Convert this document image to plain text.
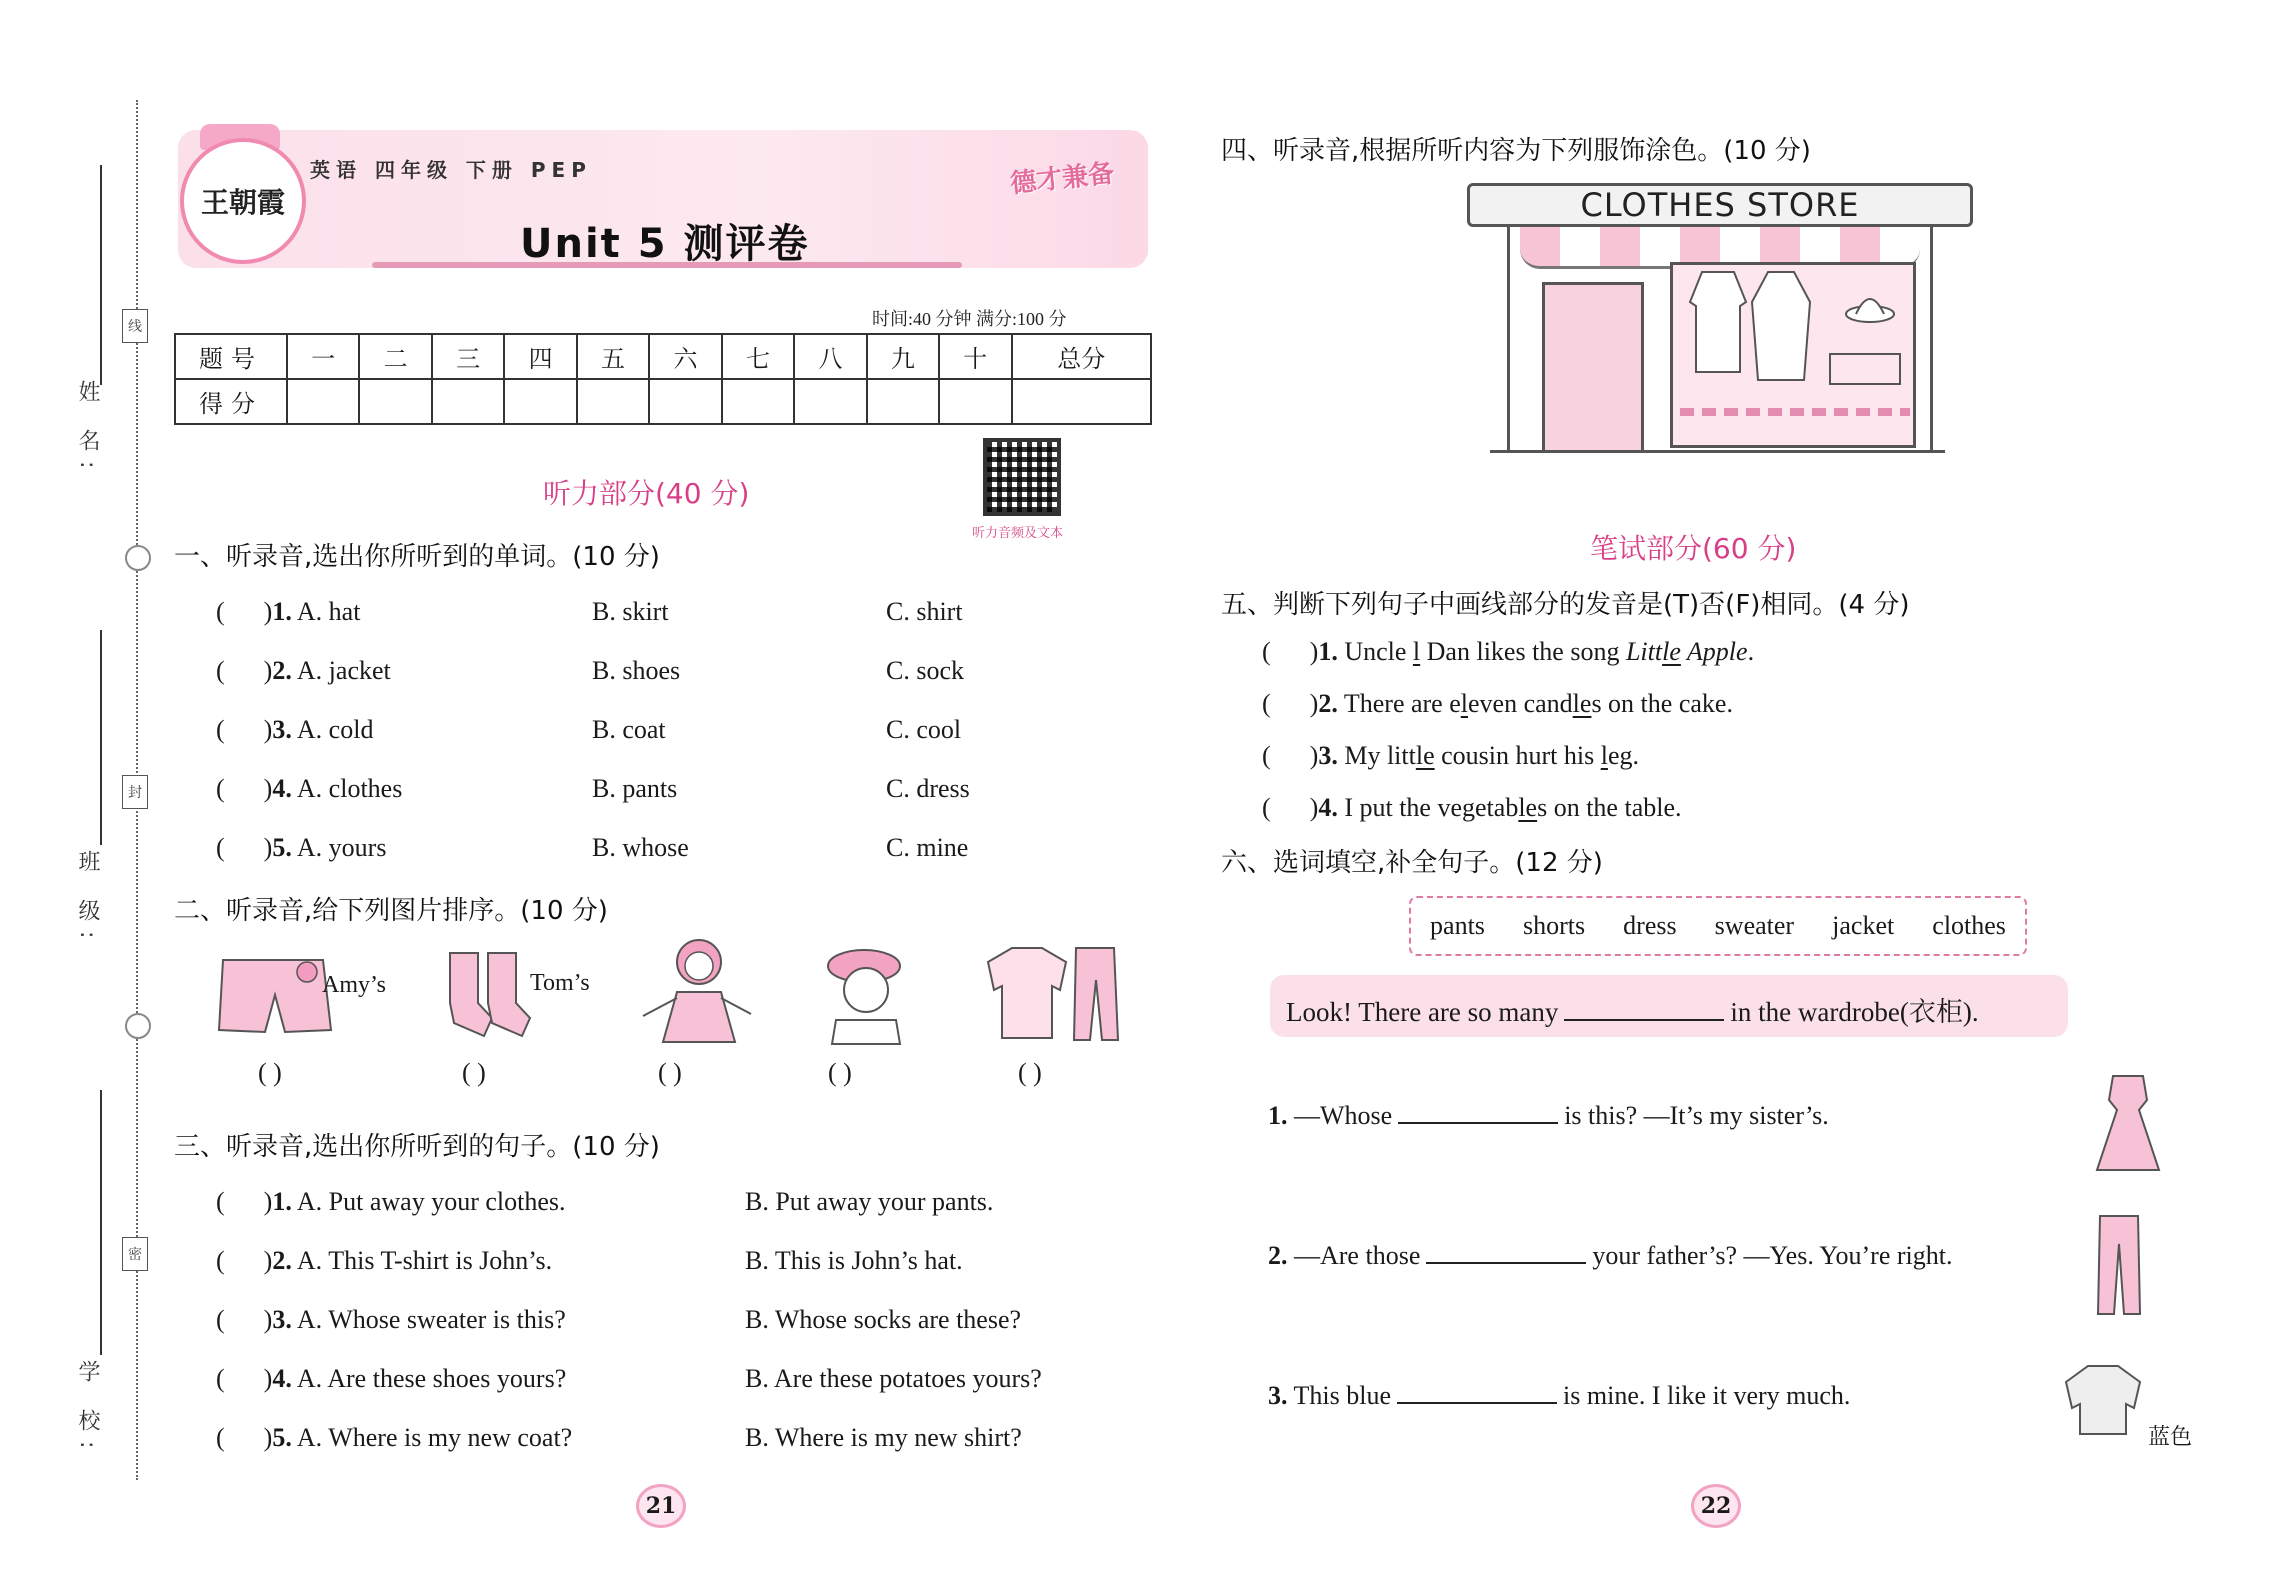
姓 名:
班 级:
学 校:
线
封
密
王朝霞
英语 四年级 下册 PEP
Unit 5 测评卷
德才兼备
时间:40 分钟 满分:100 分
题号	一	二	三	四	五	六	七	八	九	十	总分
得分											
听力音频及文本
听力部分(40 分)
一、听录音,选出你所听到的单词。(10 分)
(      )1. A. hat	B. skirt	C. shirt
(      )2. A. jacket	B. shoes	C. sock
(      )3. A. cold	B. coat	C. cool
(      )4. A. clothes	B. pants	C. dress
(      )5. A. yours	B. whose	C. mine
二、听录音,给下列图片排序。(10 分)
Amy’s	Tom’s
( )	( )	( )	( )	( )
三、听录音,选出你所听到的句子。(10 分)
(      )1. A. Put away your clothes.	B. Put away your pants.
(      )2. A. This T-shirt is John’s.	B. This is John’s hat.
(      )3. A. Whose sweater is this?	B. Whose socks are these?
(      )4. A. Are these shoes yours?	B. Are these potatoes yours?
(      )5. A. Where is my new coat?	B. Where is my new shirt?
21
四、听录音,根据所听内容为下列服饰涂色。(10 分)
CLOTHES STORE
笔试部分(60 分)
五、判断下列句子中画线部分的发音是(T)否(F)相同。(4 分)
(      )1. Uncle l Dan likes the song Little Apple.
(      )2. There are eleven candles on the cake.
(      )3. My little cousin hurt his leg.
(      )4. I put the vegetables on the table.
六、选词填空,补全句子。(12 分)
pants shorts dress sweater jacket clothes
Look! There are so many	in the wardrobe(衣柜).
1. —Whose	is this? —It’s my sister’s.
2. —Are those	your father’s? —Yes. You’re right.
3. This blue	is mine. I like it very much.
蓝色
22
